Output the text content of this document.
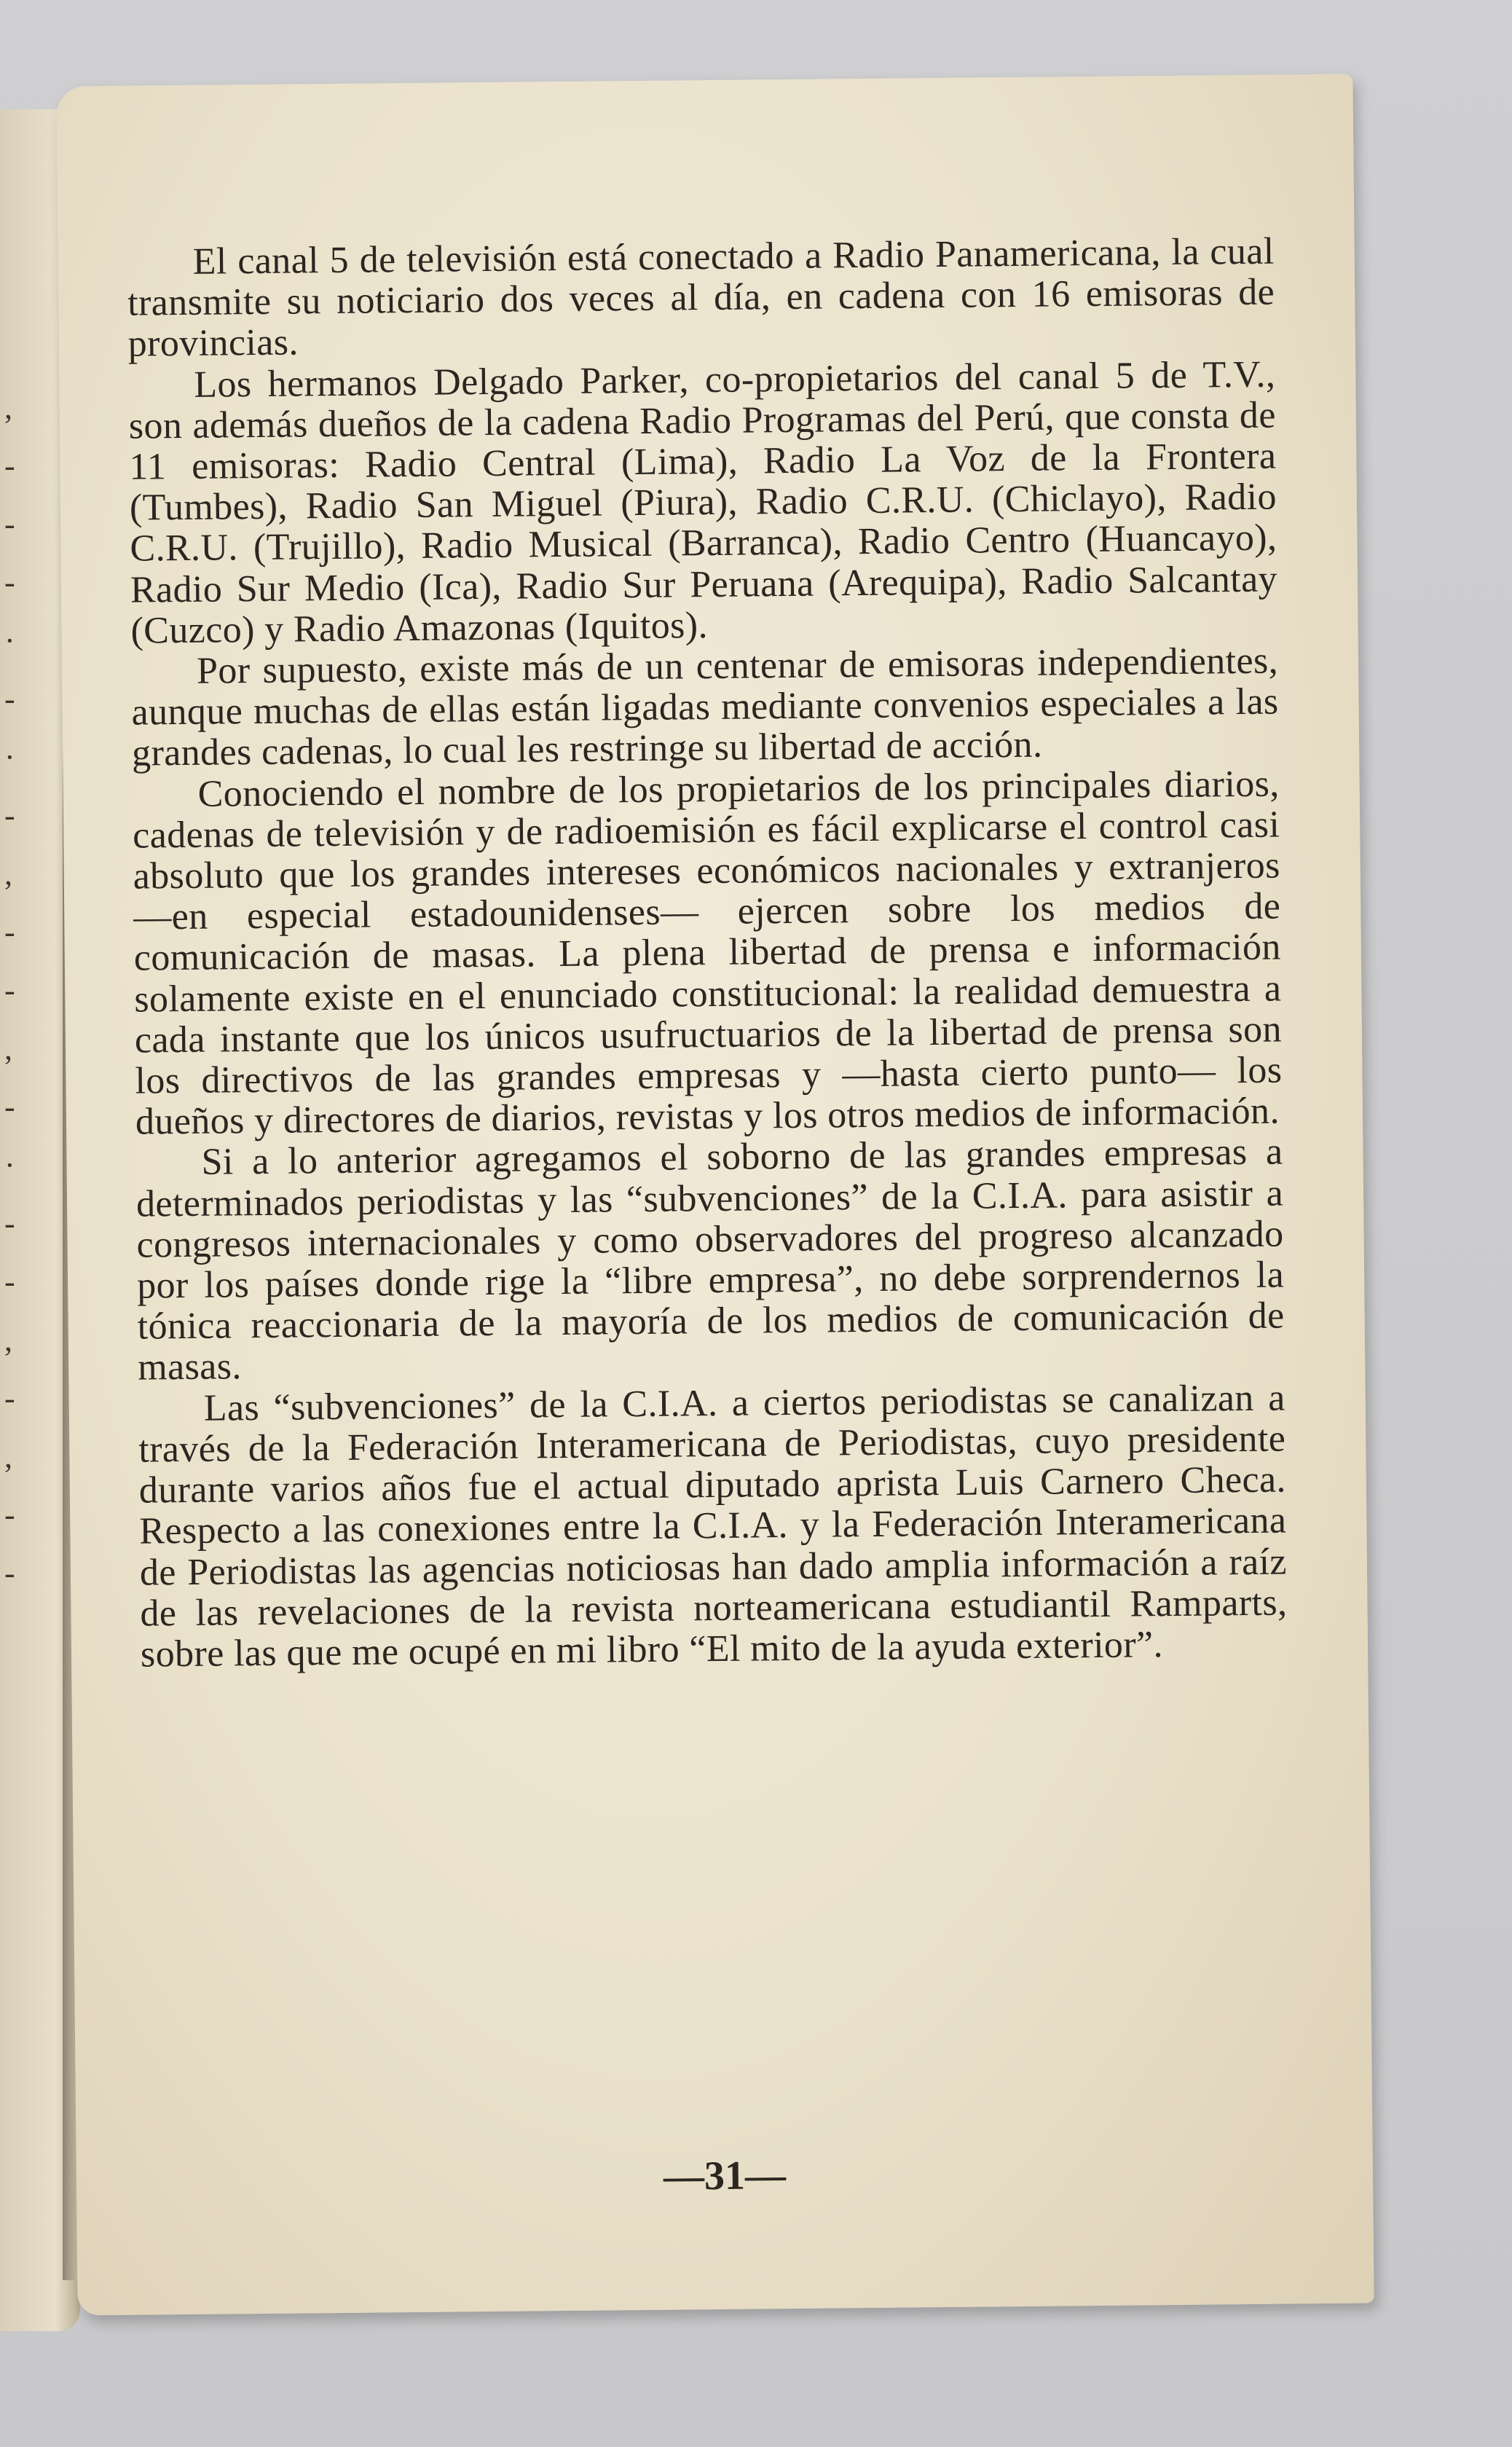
,
-
-
-
·
-
·
-
,
-
-
,
-
·
-
-
,
-
,
-
-

El canal 5 de televisión está conectado a Radio Panamericana, la cual transmite su noticiario dos veces al día, en cadena con 16 emisoras de provincias.

Los hermanos Delgado Parker, co-propietarios del canal 5 de T.V., son además dueños de la cadena Radio Programas del Perú, que consta de 11 emisoras: Radio Central (Lima), Radio La Voz de la Frontera (Tumbes), Radio San Miguel (Piura), Radio C.R.U. (Chiclayo), Radio C.R.U. (Trujillo), Radio Musical (Barranca), Radio Centro (Huancayo), Radio Sur Medio (Ica), Radio Sur Peruana (Arequipa), Radio Salcantay (Cuzco) y Radio Amazonas (Iquitos).

Por supuesto, existe más de un centenar de emisoras independientes, aunque muchas de ellas están ligadas mediante convenios especiales a las grandes cadenas, lo cual les restringe su libertad de acción.

Conociendo el nombre de los propietarios de los principales diarios, cadenas de televisión y de radioemisión es fácil explicarse el control casi absoluto que los grandes intereses económicos nacionales y extranjeros —en especial estadounidenses— ejercen sobre los medios de comunicación de masas. La plena libertad de prensa e información solamente existe en el enunciado constitucional: la realidad demuestra a cada instante que los únicos usufructuarios de la libertad de prensa son los directivos de las grandes empresas y —hasta cierto punto— los dueños y directores de diarios, revistas y los otros medios de información.

Si a lo anterior agregamos el soborno de las grandes empresas a determinados periodistas y las “subvenciones” de la C.I.A. para asistir a congresos internacionales y como observadores del progreso alcanzado por los países donde rige la “libre empresa”, no debe sorprendernos la tónica reaccionaria de la mayoría de los medios de comunicación de masas.

Las “subvenciones” de la C.I.A. a ciertos periodistas se canalizan a través de la Federación Interamericana de Periodistas, cuyo presidente durante varios años fue el actual diputado aprista Luis Carnero Checa. Respecto a las conexiones entre la C.I.A. y la Federación Interamericana de Periodistas las agencias noticiosas han dado amplia información a raíz de las revelaciones de la revista norteamericana estudiantil Ramparts, sobre las que me ocupé en mi libro “El mito de la ayuda exterior”.

—31—
